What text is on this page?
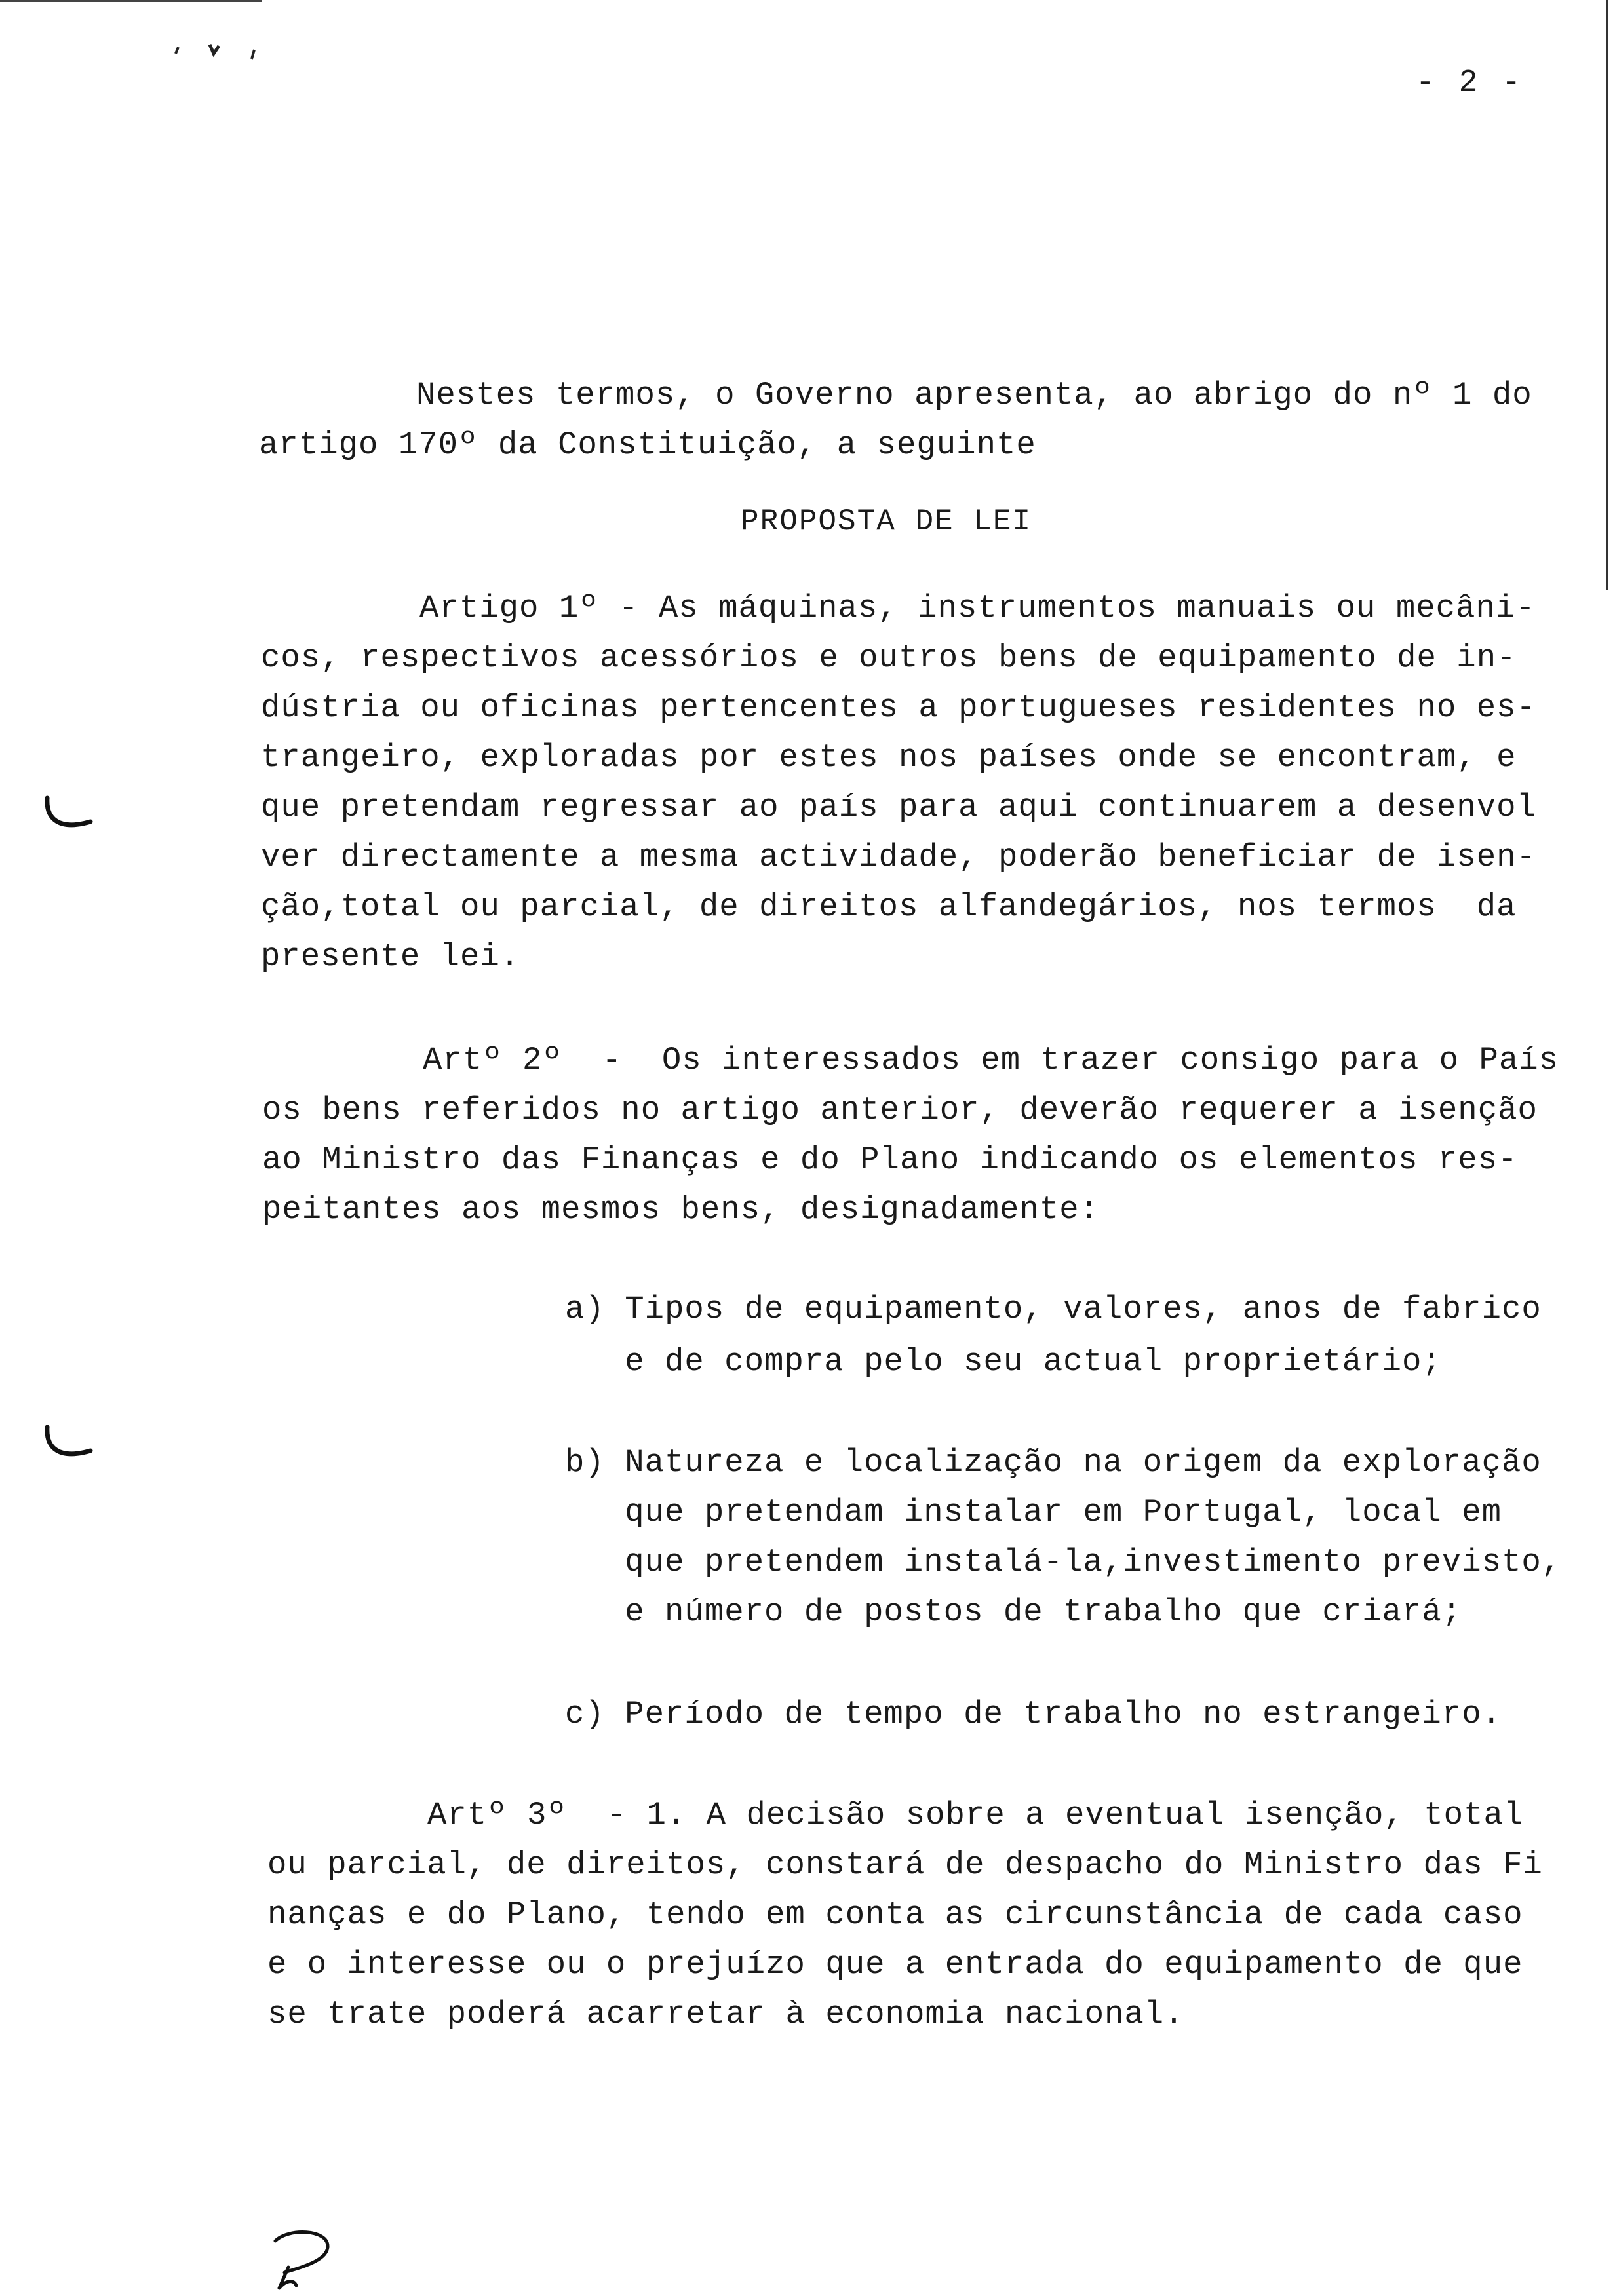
- 2 -
Nestes termos, o Governo apresenta, ao abrigo do nº 1 do
artigo 170º da Constituição, a seguinte
PROPOSTA DE LEI
Artigo 1º - As máquinas, instrumentos manuais ou mecâni-
cos, respectivos acessórios e outros bens de equipamento de in-
dústria ou oficinas pertencentes a portugueses residentes no es-
trangeiro, exploradas por estes nos países onde se encontram, e
que pretendam regressar ao país para aqui continuarem a desenvol
ver directamente a mesma actividade, poderão beneficiar de isen-
ção,total ou parcial, de direitos alfandegários, nos termos  da
presente lei.
Artº 2º  -  Os interessados em trazer consigo para o País
os bens referidos no artigo anterior, deverão requerer a isenção
ao Ministro das Finanças e do Plano indicando os elementos res-
peitantes aos mesmos bens, designadamente:
a) Tipos de equipamento, valores, anos de fabrico
e de compra pelo seu actual proprietário;
b) Natureza e localização na origem da exploração
que pretendam instalar em Portugal, local em
que pretendem instalá-la,investimento previsto,
e número de postos de trabalho que criará;
c) Período de tempo de trabalho no estrangeiro.
Artº 3º  - 1. A decisão sobre a eventual isenção, total
ou parcial, de direitos, constará de despacho do Ministro das Fi
nanças e do Plano, tendo em conta as circunstância de cada caso
e o interesse ou o prejuízo que a entrada do equipamento de que
se trate poderá acarretar à economia nacional.
